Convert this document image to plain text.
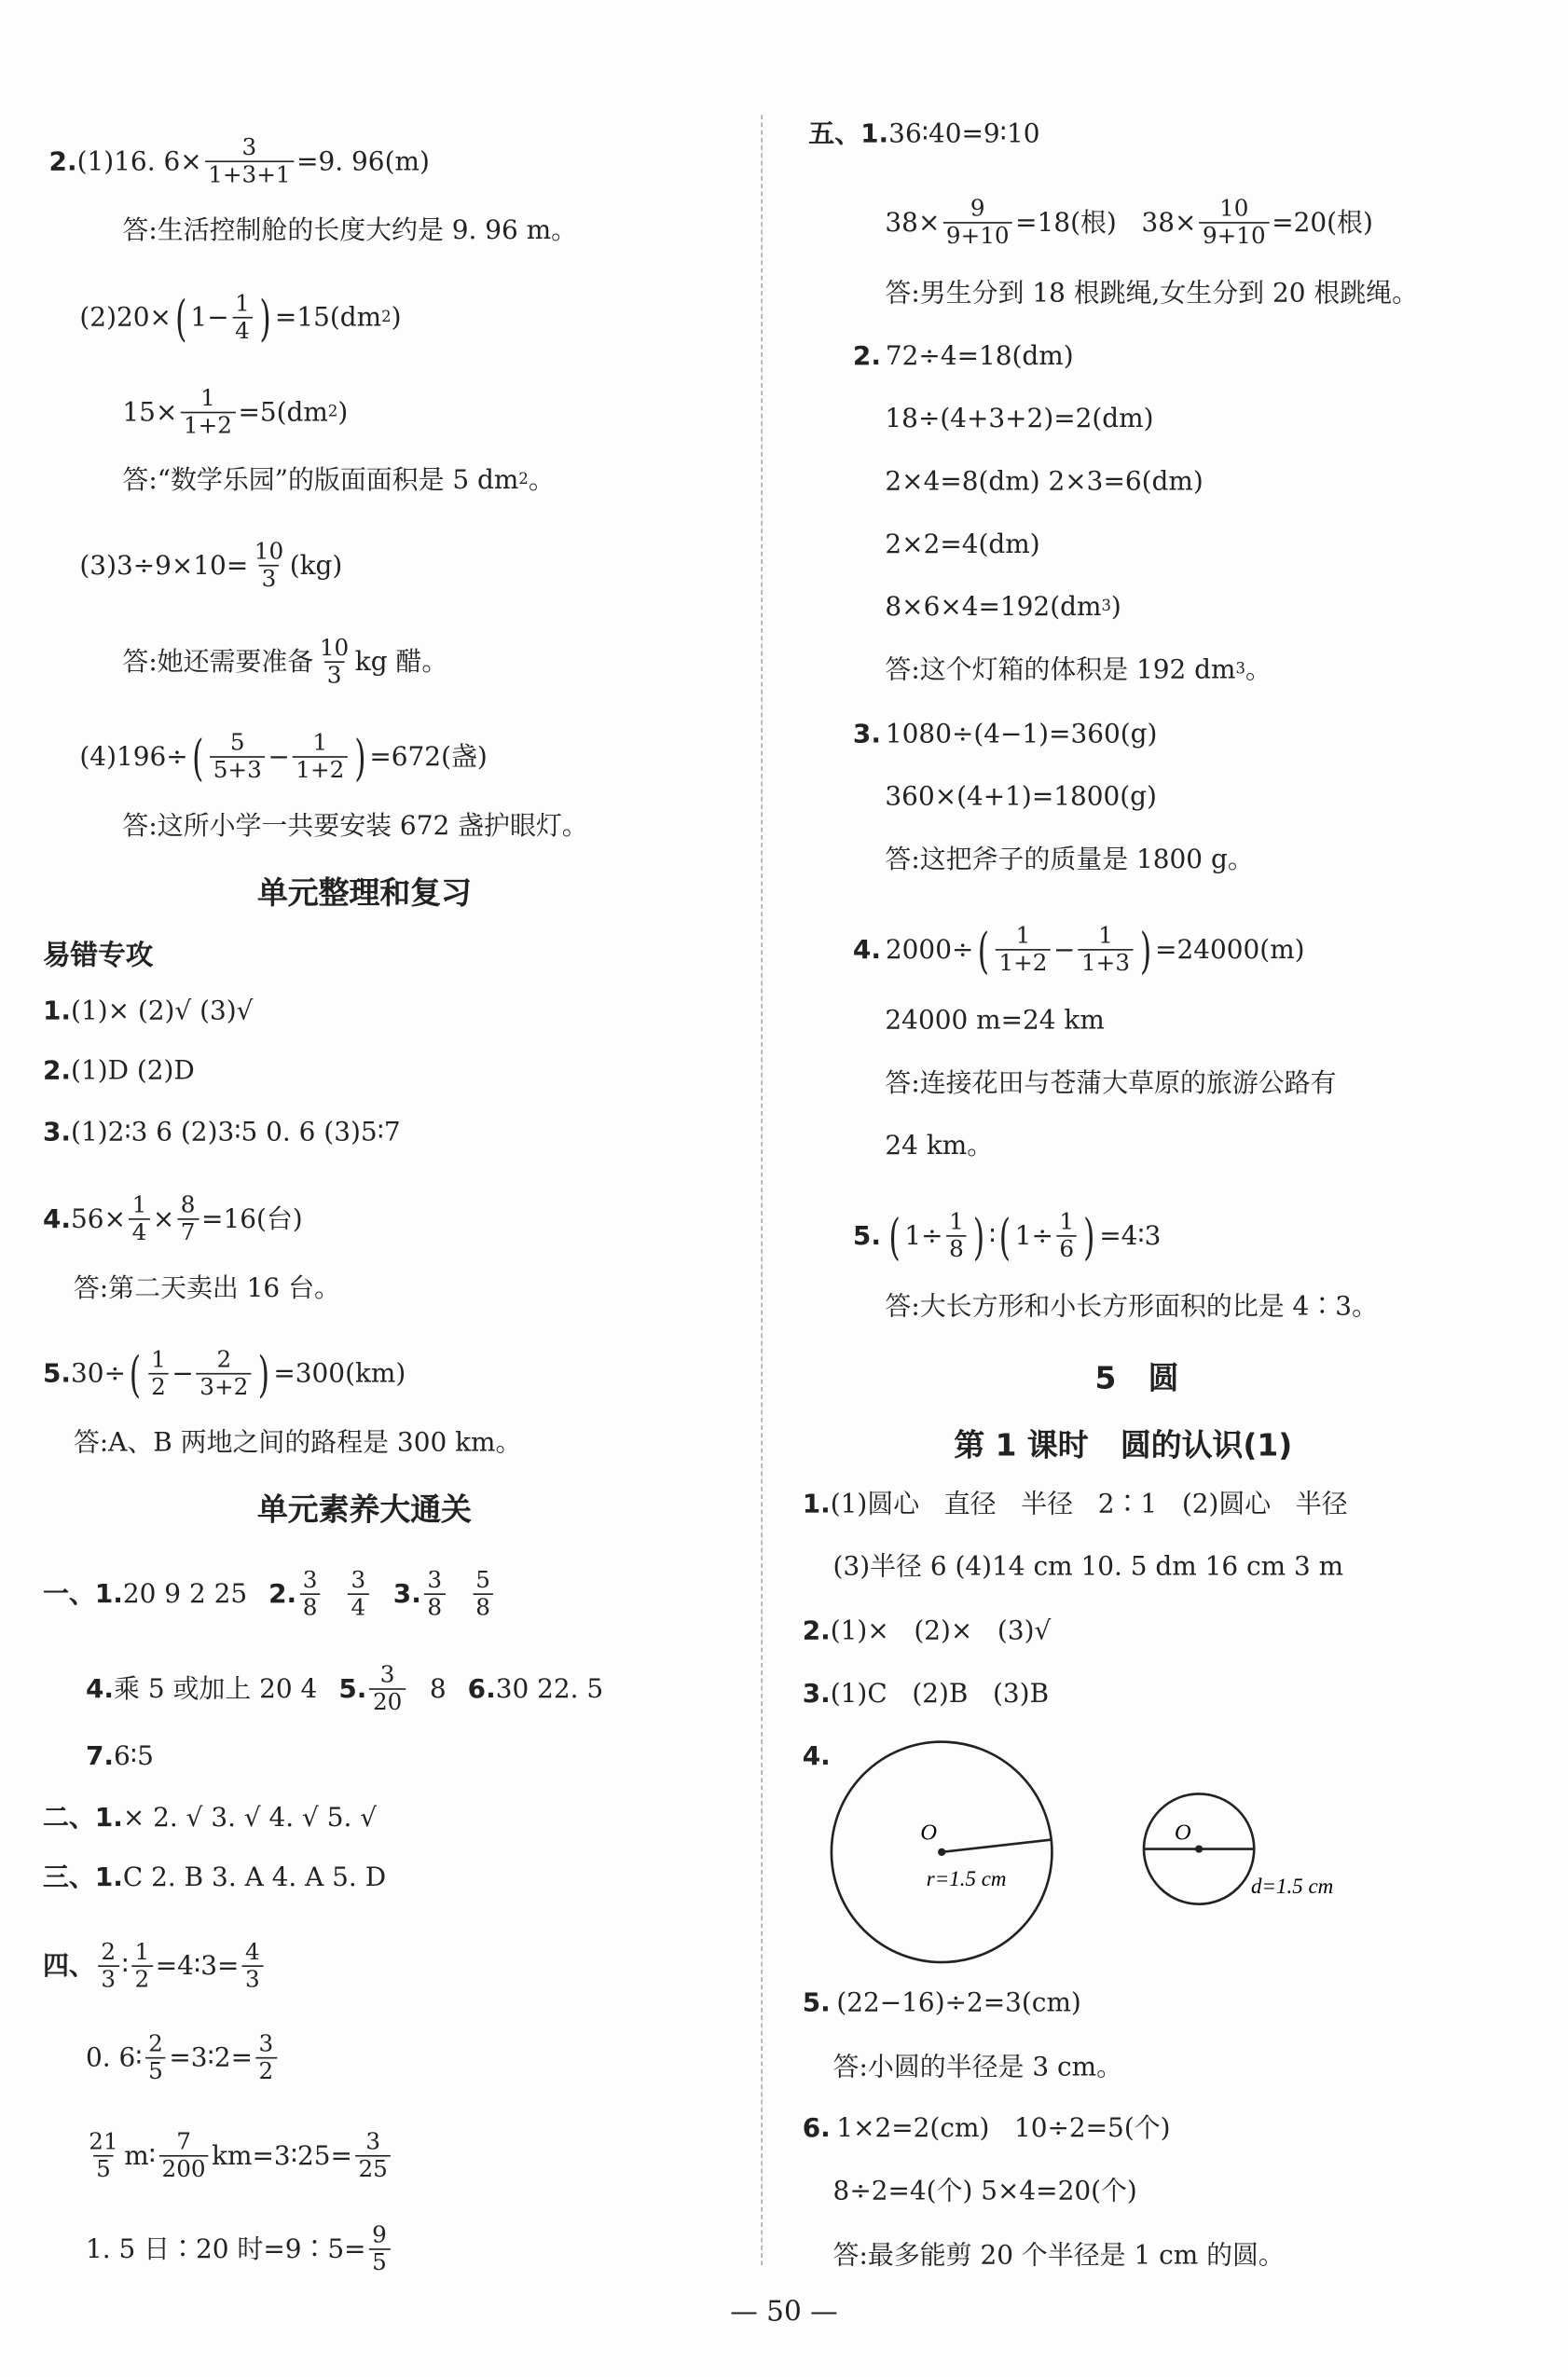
2. (1)16. $6\times \frac{3}{1+3+1} =9$. 96(m)
答:生活控制舱的长度大约是 9. 96 m。
(2)20× ( $1- \frac{1}{4}$ ) =15(dm 2 )
$15\times \frac{1}{1+2} =5(dm$ 2 )
答:“数学乐园”的版面面积是 5 dm 2 。
$(3)3\div 9\times 10= \frac{10}{3} (kg)$
答:她还需要准备 $\frac{10}{3}$ kg 醋。
(4)196÷ ( $\frac{5}{5+3} - \frac{1}{1+2}$ ) =672(盏)
答:这所小学一共要安装 672 盏护眼灯。
单元整理和复习
易错专攻
1. (1)× (2)√ (3)√
2. (1)D (2)D
3. (1)2∶3 6 (2)3∶5 0. 6 (3)5∶7
4. $56\times \frac{1}{4} \times \frac{8}{7} =16$(台)
答:第二天卖出 16 台。
5. 30÷ ( $\frac{1}{2} - \frac{2}{3+2}$ ) =300(km)
答:A、B 两地之间的路程是 300 km。
单元素养大通关
一、1. 20 9 2 25 2. $\frac{3}{8} \frac{3}{4} 3$. $\frac{3}{8} \frac{5}{8}$
4. 乘 5 或加上 20 4 5. $\frac{3}{20} 8$ 6. 30 22. 5
7. 6∶5
二、1. × 2. √ 3. √ 4. √ 5. √
三、1. C 2. B 3. A 4. A 5. D
四、 $\frac{2}{3}$ ∶ $\frac{1}{2}$ =4∶3= $\frac{4}{3}$
0. 6∶ $\frac{2}{5}$ =3∶2= $\frac{3}{2}$
$\frac{21}{5}$ m∶ $\frac{7}{200}$ km=3∶25= $\frac{3}{25}$
1. 5 日∶20 时=9∶5= $\frac{9}{5}$
五、1. 36∶40=9∶10
$38\times \frac{9}{9+10} =18$(根)   $38\times \frac{10}{9+10} =20$(根)
答:男生分到 18 根跳绳,女生分到 20 根跳绳。
2. 72÷4=18(dm)
18÷(4+3+2)=2(dm)
2×4=8(dm) 2×3=6(dm)
2×2=4(dm)
8×6×4=192(dm 3 )
答:这个灯箱的体积是 192 dm 3 。
3. 1080÷(4−1)=360(g)
360×(4+1)=1800(g)
答:这把斧子的质量是 1800 g。
4. 2000÷ ( $\frac{1}{1+2} - \frac{1}{1+3}$ ) =24000(m)
24000 m=24 km
答:连接花田与苍蒲大草原的旅游公路有
24 km。
5. ( $1\div \frac{1}{8}$ ) ∶ ( $1\div \frac{1}{6}$ ) =4∶3
答:大长方形和小长方形面积的比是 4∶3。
5   圆
第 1 课时   圆的认识(1)
1. (1)圆心   直径   半径   2∶1   (2)圆心   半径
(3)半径 6 (4)14 cm 10. 5 dm 16 cm 3 m
2. (1)×   (2)×   (3)√
3. (1)C   (2)B   (3)B
4.
O
r=1.5 cm
O
d=1.5 cm
5. (22−16)÷2=3(cm)
答:小圆的半径是 3 cm。
6. 1×2=2(cm)   10÷2=5(个)
8÷2=4(个) 5×4=20(个)
答:最多能剪 20 个半径是 1 cm 的圆。
— 50 —
